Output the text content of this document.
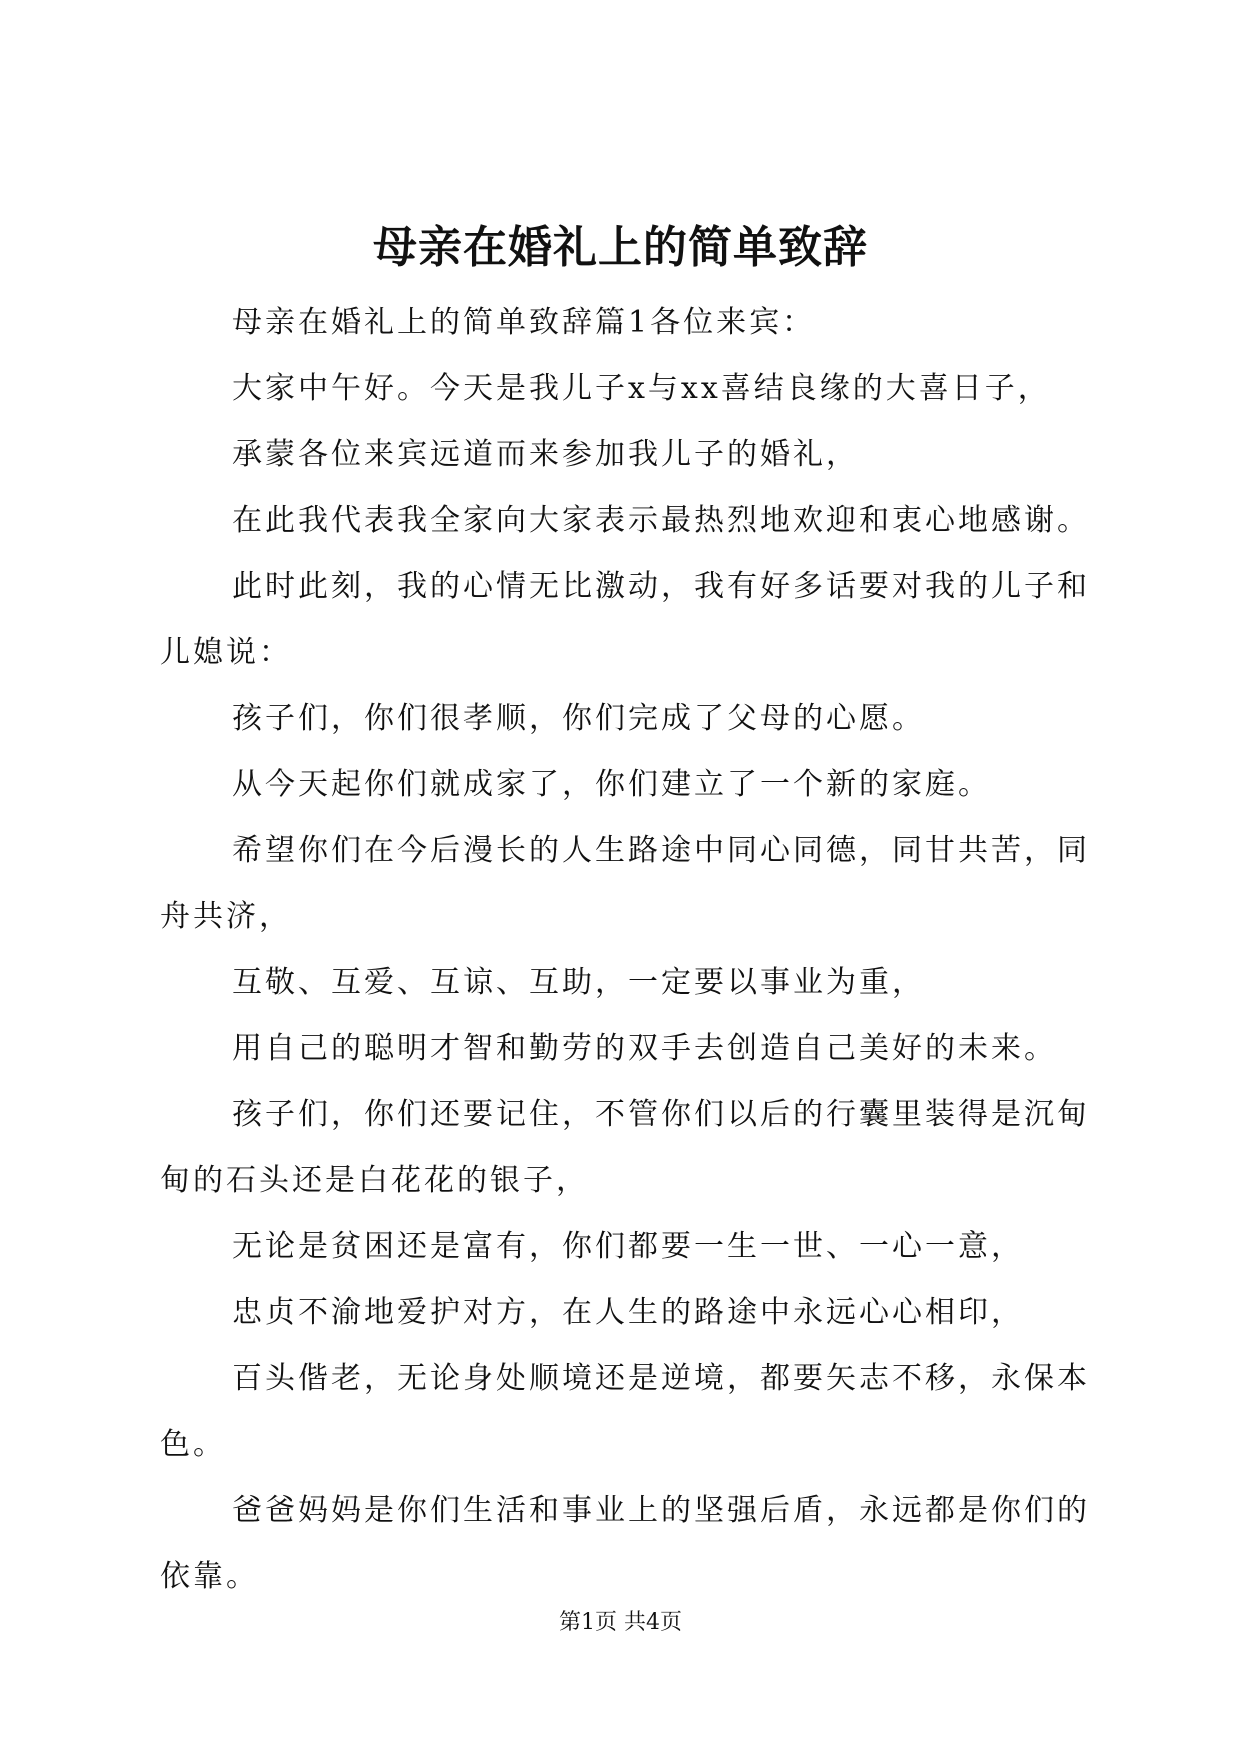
母亲在婚礼上的简单致辞

母亲在婚礼上的简单致辞篇1各位来宾：

大家中午好。今天是我儿子x与xx喜结良缘的大喜日子，

承蒙各位来宾远道而来参加我儿子的婚礼，

在此我代表我全家向大家表示最热烈地欢迎和衷心地感谢。

此时此刻，我的心情无比激动，我有好多话要对我的儿子和儿媳说：

孩子们，你们很孝顺，你们完成了父母的心愿。

从今天起你们就成家了，你们建立了一个新的家庭。

希望你们在今后漫长的人生路途中同心同德，同甘共苦，同舟共济，

互敬、互爱、互谅、互助，一定要以事业为重，

用自己的聪明才智和勤劳的双手去创造自己美好的未来。

孩子们，你们还要记住，不管你们以后的行囊里装得是沉甸甸的石头还是白花花的银子，

无论是贫困还是富有，你们都要一生一世、一心一意，

忠贞不渝地爱护对方，在人生的路途中永远心心相印，

百头偕老，无论身处顺境还是逆境，都要矢志不移，永保本色。

爸爸妈妈是你们生活和事业上的坚强后盾，永远都是你们的依靠。

第1页 共4页
